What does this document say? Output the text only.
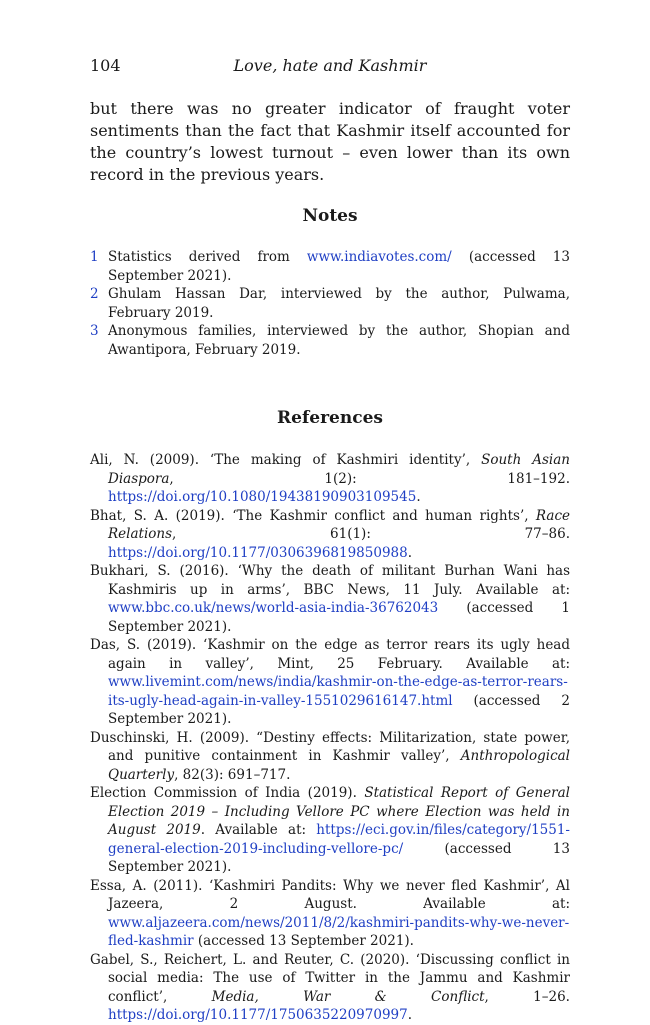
104	Love, hate and Kashmir

but there was no greater indicator of fraught voter sentiments than the fact that Kashmir itself accounted for the country’s lowest turnout – even lower than its own record in the previous years.

Notes
1 Statistics derived from www.indiavotes.com/ (accessed 13 September 2021).
2 Ghulam Hassan Dar, interviewed by the author, Pulwama, February 2019.
3 Anonymous families, interviewed by the author, Shopian and Awantipora, February 2019.
References
Ali, N. (2009). ‘The making of Kashmiri identity’, South Asian Diaspora, 1(2): 181–192. https://doi.org/10.1080/19438190903109545.
Bhat, S. A. (2019). ‘The Kashmir conflict and human rights’, Race Relations, 61(1): 77–86. https://doi.org/10.1177/0306396819850988.
Bukhari, S. (2016). ‘Why the death of militant Burhan Wani has Kashmiris up in arms’, BBC News, 11 July. Available at: www.bbc.co.uk/news/world-asia-india-36762043 (accessed 1 September 2021).
Das, S. (2019). ‘Kashmir on the edge as terror rears its ugly head again in valley’, Mint, 25 February. Available at: www.livemint.com/news/india/kashmir-on-the-edge-as-terror-rears-its-ugly-head-again-in-valley-1551029616147.html (accessed 2 September 2021).
Duschinski, H. (2009). “Destiny effects: Militarization, state power, and punitive containment in Kashmir valley’, Anthropological Quarterly, 82(3): 691–717.
Election Commission of India (2019). Statistical Report of General Election 2019 – Including Vellore PC where Election was held in August 2019. Available at: https://eci.gov.in/files/category/1551-general-election-2019-including-vellore-pc/ (accessed 13 September 2021).
Essa, A. (2011). ‘Kashmiri Pandits: Why we never fled Kashmir’, Al Jazeera, 2 August. Available at: www.aljazeera.com/news/2011/8/2/kashmiri-pandits-why-we-never-fled-kashmir (accessed 13 September 2021).
Gabel, S., Reichert, L. and Reuter, C. (2020). ‘Discussing conflict in social media: The use of Twitter in the Jammu and Kashmir conflict’, Media, War & Conflict, 1–26. https://doi.org/10.1177/1750635220970997.
